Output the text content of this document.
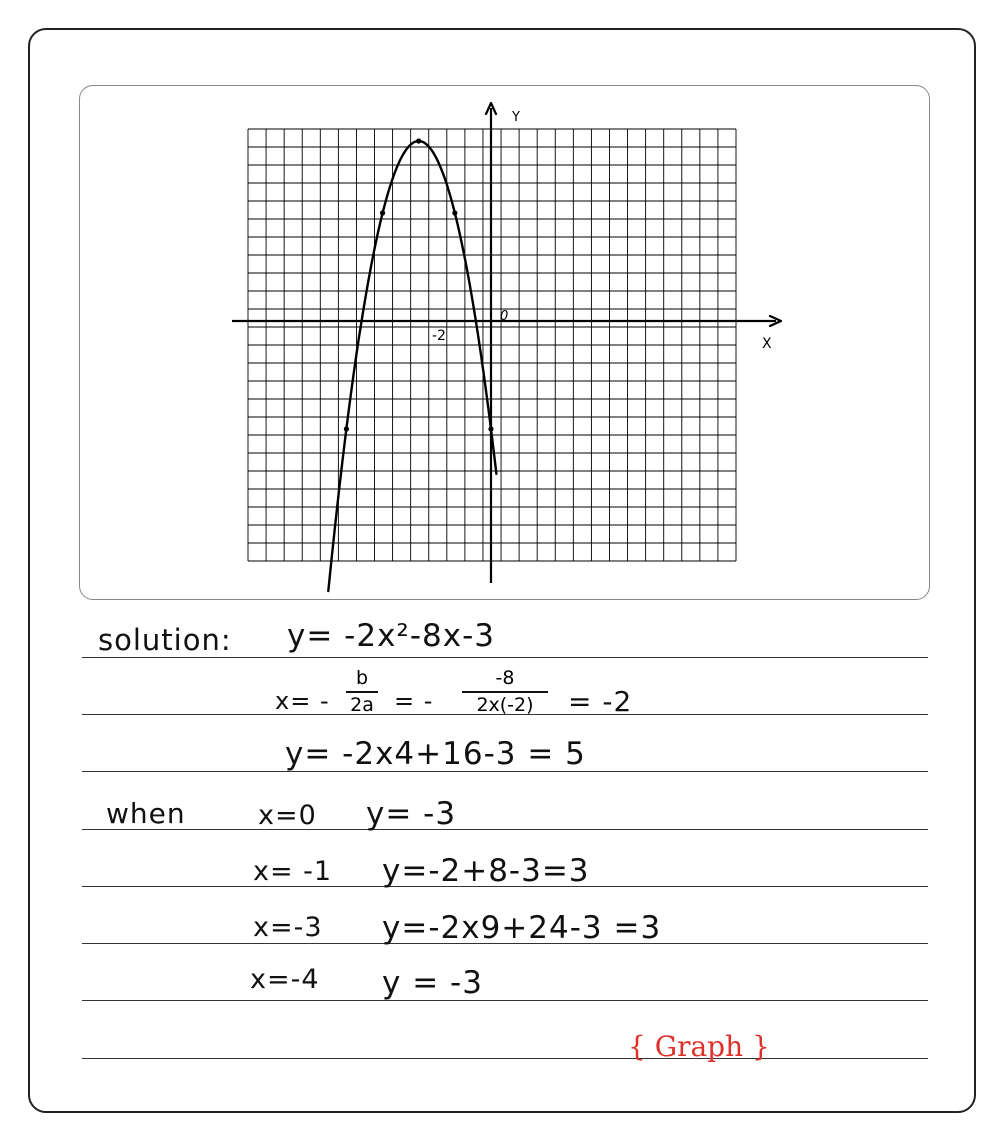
Y
X
0
-2
solution: y= -2x²-8x-3
$x= - \frac{b}{2a}$ = - $\frac{-8}{2x(-2)} = -2$
y= -2x4+16-3 = 5
when	x=0 y= -3
x= -1 y=-2+8-3=3
x=-3 y=-2x9+24-3 =3
x=-4 y = -3
{ Graph }
